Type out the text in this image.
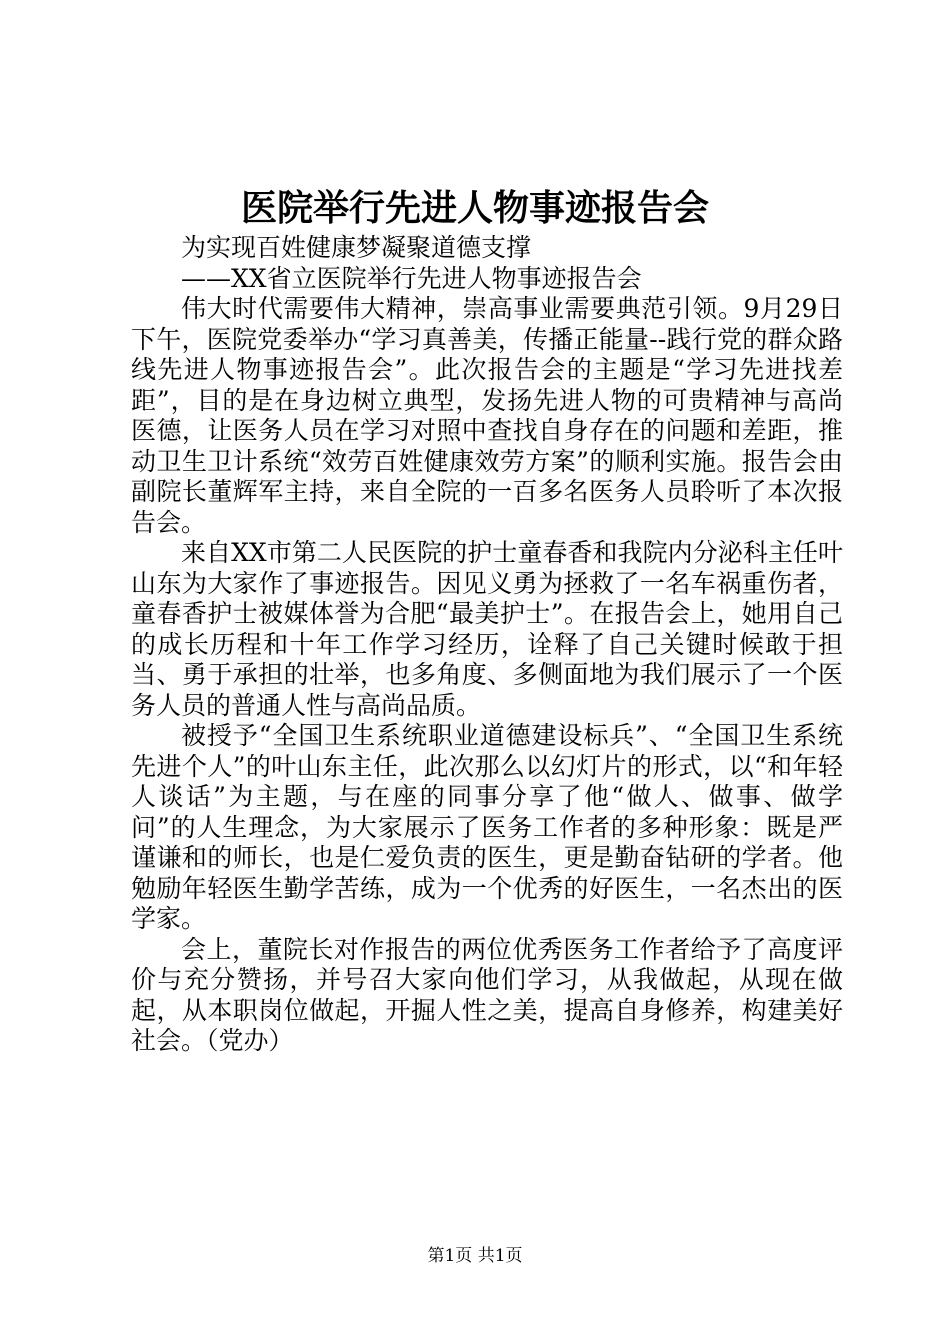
医院举行先进人物事迹报告会

为实现百姓健康梦凝聚道德支撑

——XX省立医院举行先进人物事迹报告会

伟大时代需要伟大精神，崇高事业需要典范引领。9月29日下午，医院党委举办“学习真善美，传播正能量--践行党的群众路线先进人物事迹报告会”。此次报告会的主题是“学习先进找差距”，目的是在身边树立典型，发扬先进人物的可贵精神与高尚医德，让医务人员在学习对照中查找自身存在的问题和差距，推动卫生卫计系统“效劳百姓健康效劳方案”的顺利实施。报告会由副院长董辉军主持，来自全院的一百多名医务人员聆听了本次报告会。

来自XX市第二人民医院的护士童春香和我院内分泌科主任叶山东为大家作了事迹报告。因见义勇为拯救了一名车祸重伤者，童春香护士被媒体誉为合肥“最美护士”。在报告会上，她用自己的成长历程和十年工作学习经历，诠释了自己关键时候敢于担当、勇于承担的壮举，也多角度、多侧面地为我们展示了一个医务人员的普通人性与高尚品质。

被授予“全国卫生系统职业道德建设标兵”、“全国卫生系统先进个人”的叶山东主任，此次那么以幻灯片的形式，以“和年轻人谈话”为主题，与在座的同事分享了他“做人、做事、做学问”的人生理念，为大家展示了医务工作者的多种形象：既是严谨谦和的师长，也是仁爱负责的医生，更是勤奋钻研的学者。他勉励年轻医生勤学苦练，成为一个优秀的好医生，一名杰出的医学家。

会上，董院长对作报告的两位优秀医务工作者给予了高度评价与充分赞扬，并号召大家向他们学习，从我做起，从现在做起，从本职岗位做起，开掘人性之美，提高自身修养，构建美好社会。（党办）

第1页 共1页
